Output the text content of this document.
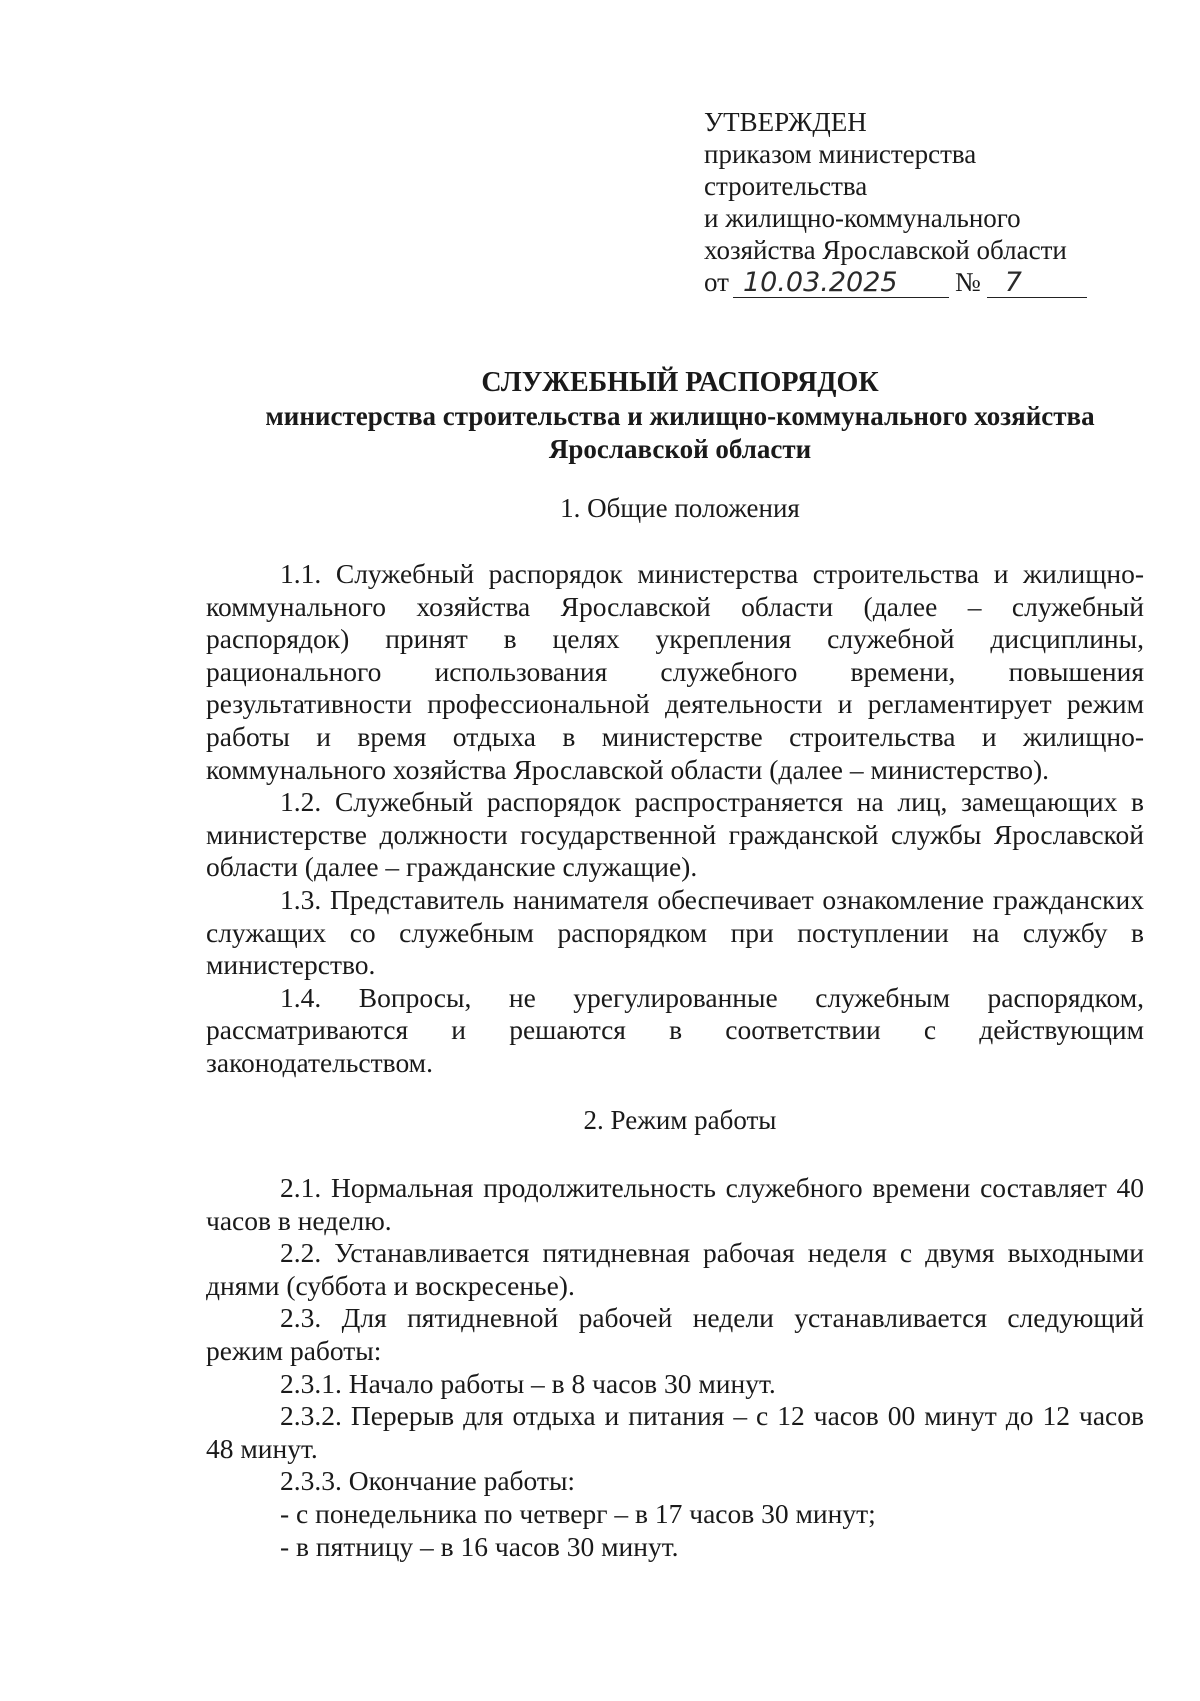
УТВЕРЖДЕН
приказом министерства
строительства
и жилищно-коммунального
хозяйства Ярославской области
от 10.03.2025 № 7
СЛУЖЕБНЫЙ РАСПОРЯДОК
министерства строительства и жилищно-коммунального хозяйства
Ярославской области
1. Общие положения

1.1. Служебный распорядок министерства строительства и жилищно-коммунального хозяйства Ярославской области (далее – служебный распорядок) принят в целях укрепления служебной дисциплины, рационального использования служебного времени, повышения результативности профессиональной деятельности и регламентирует режим работы и время отдыха в министерстве строительства и жилищно-коммунального хозяйства Ярославской области (далее – министерство).

1.2. Служебный распорядок распространяется на лиц, замещающих в министерстве должности государственной гражданской службы Ярославской области (далее – гражданские служащие).

1.3. Представитель нанимателя обеспечивает ознакомление гражданских служащих со служебным распорядком при поступлении на службу в министерство.

1.4. Вопросы, не урегулированные служебным распорядком, рассматриваются и решаются в соответствии с действующим законодательством.

2. Режим работы

2.1. Нормальная продолжительность служебного времени составляет 40 часов в неделю.

2.2. Устанавливается пятидневная рабочая неделя с двумя выходными днями (суббота и воскресенье).

2.3. Для пятидневной рабочей недели устанавливается следующий режим работы:

2.3.1. Начало работы – в 8 часов 30 минут.

2.3.2. Перерыв для отдыха и питания – с 12 часов 00 минут до 12 часов 48 минут.

2.3.3. Окончание работы:

- с понедельника по четверг – в 17 часов 30 минут;

- в пятницу – в 16 часов 30 минут.
